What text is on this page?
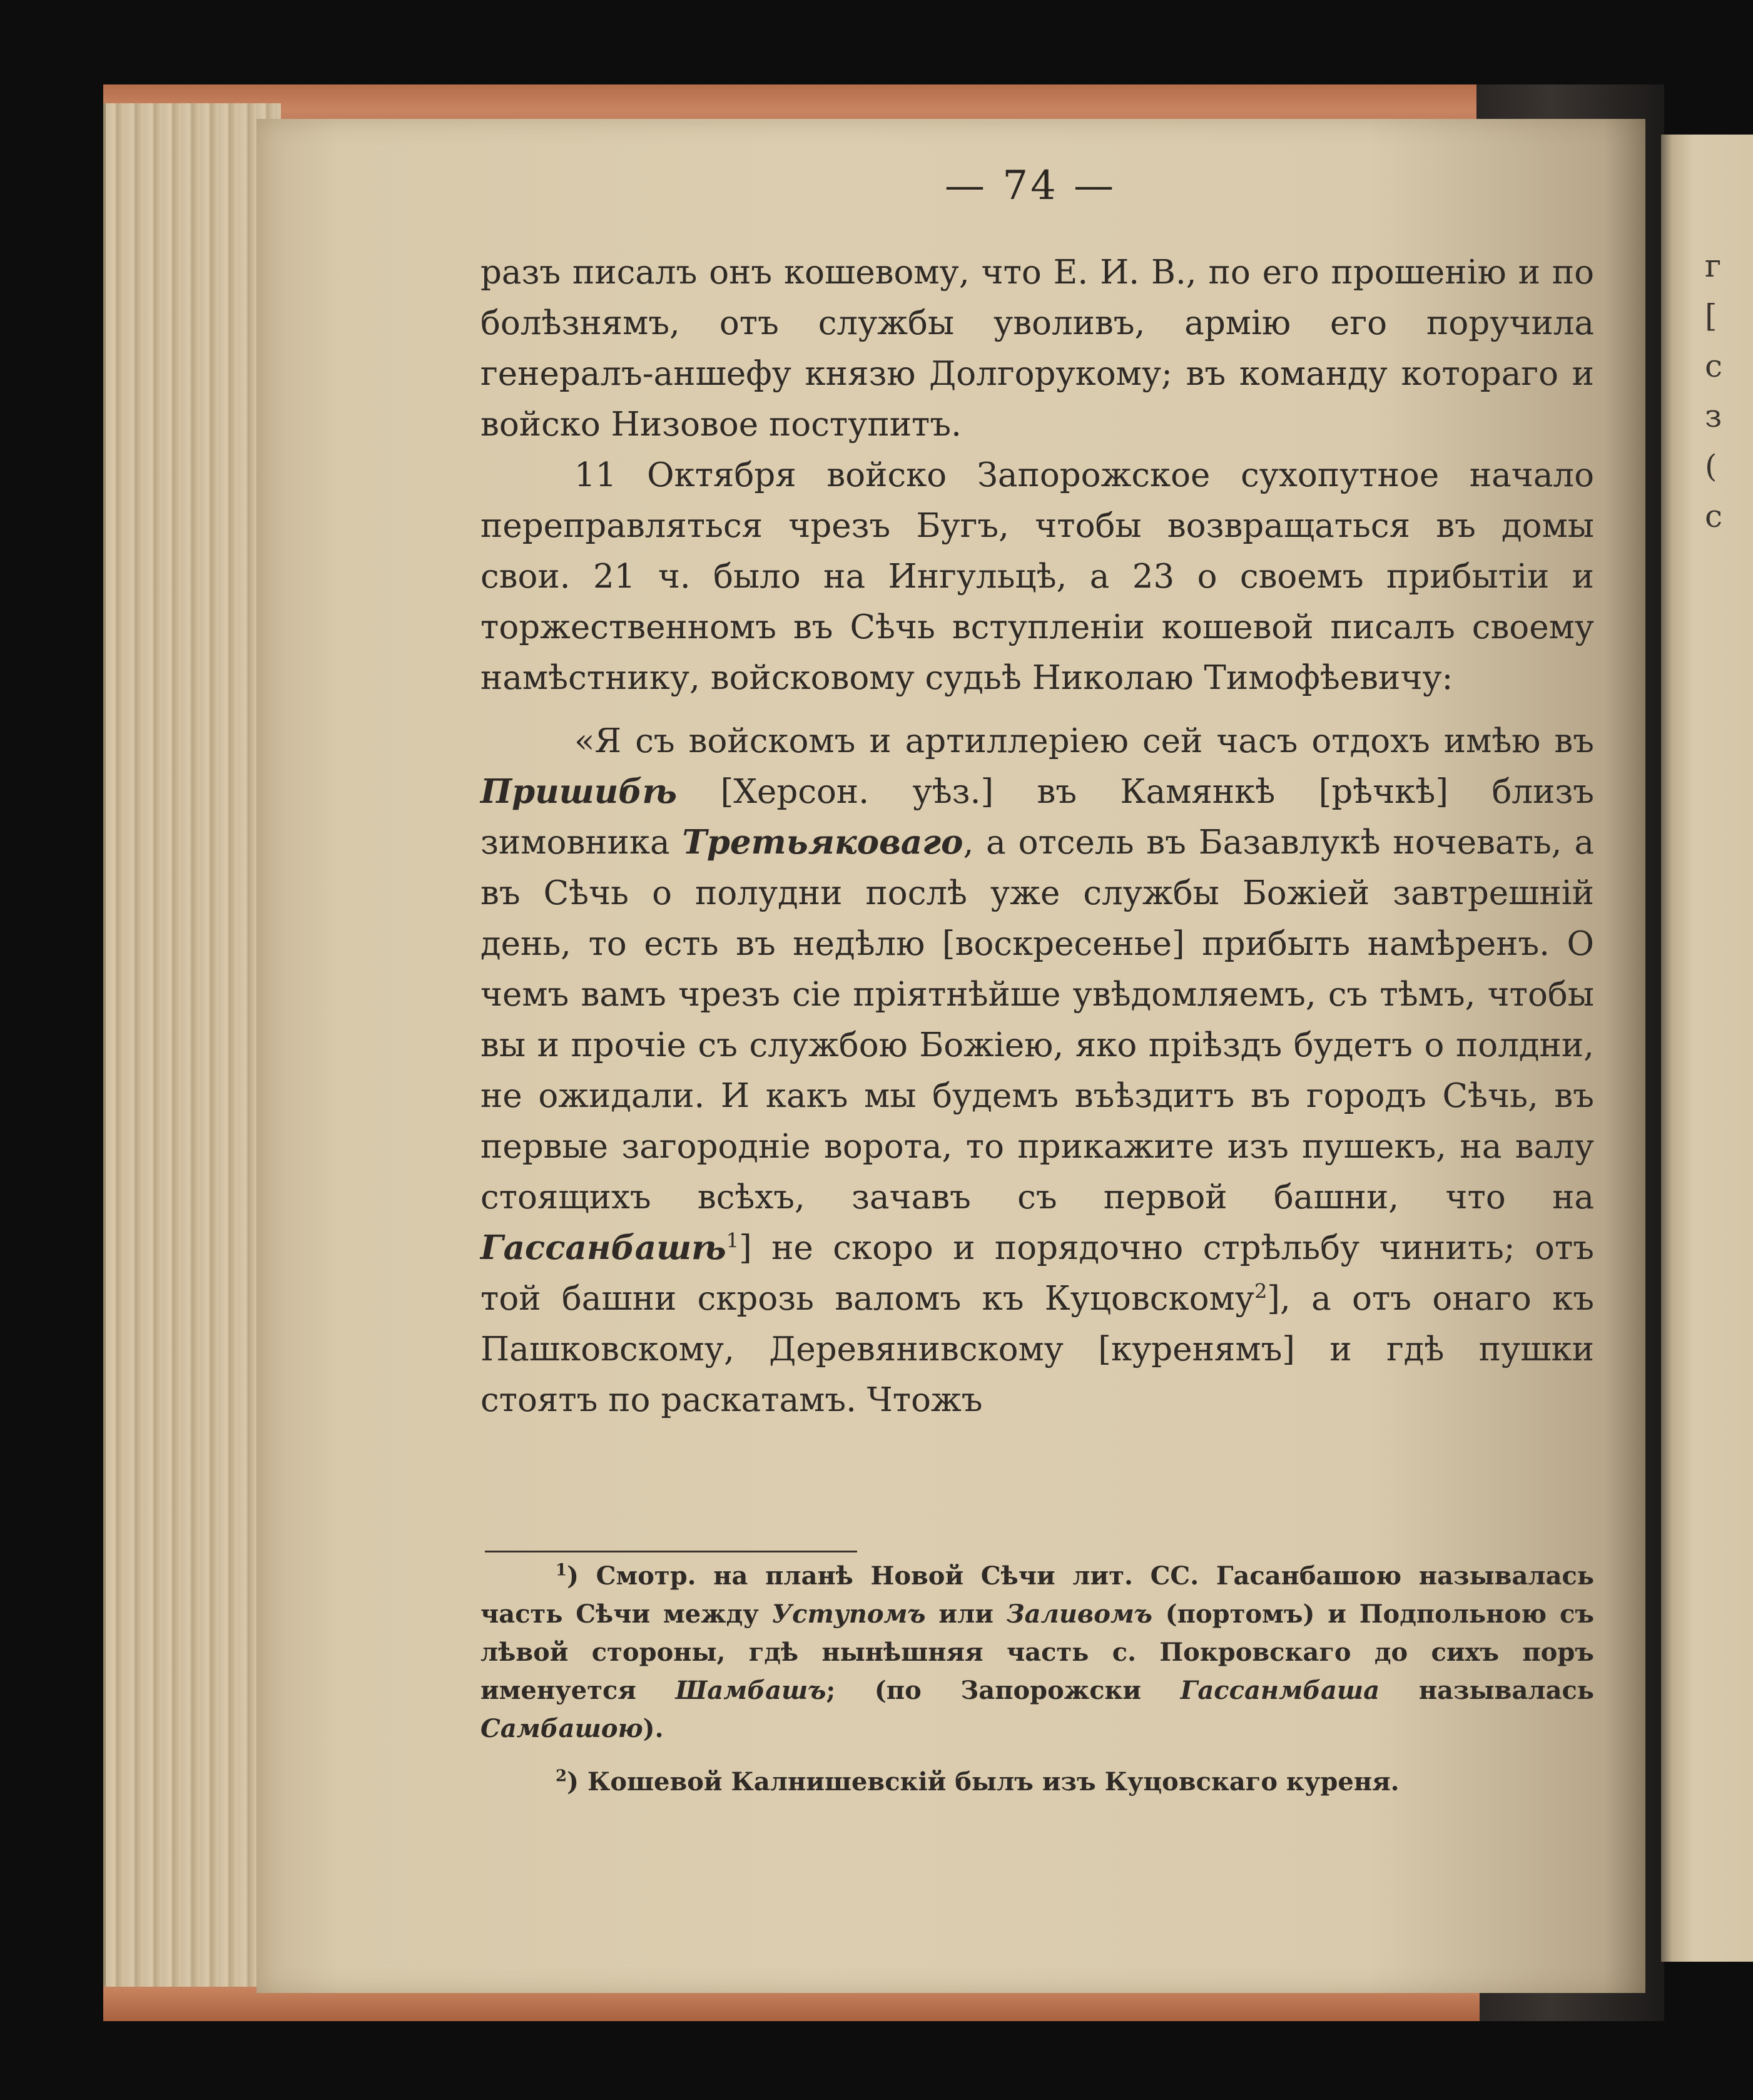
г
[
с
з
(
с
— 74 —

разъ писалъ онъ кошевому, что Е. И. В., по его прошенію и по болѣзнямъ, отъ службы уволивъ, армію его поручила генералъ-аншефу князю Долгорукому; въ команду котораго и войско Низовое поступитъ.

11 Октября войско Запорожское сухопутное начало переправляться чрезъ Бугъ, чтобы возвращаться въ домы свои. 21 ч. было на Ингульцѣ, а 23 о своемъ прибытіи и торжественномъ въ Сѣчь вступленіи кошевой писалъ своему намѣстнику, войсковому судьѣ Николаю Тимофѣевичу:

«Я съ войскомъ и артиллеріею сей часъ отдохъ имѣю въ Пришибѣ [Херсон. уѣз.] въ Камянкѣ [рѣчкѣ] близъ зимовника Третьяковаго, а отсель въ Базавлукѣ ночевать, а въ Сѣчь о полудни послѣ уже службы Божіей завтрешній день, то есть въ недѣлю [воскресенье] прибыть намѣренъ. О чемъ вамъ чрезъ сіе пріятнѣйше увѣдомляемъ, съ тѣмъ, чтобы вы и прочіе съ службою Божіею, яко пріѣздъ будетъ о полдни, не ожидали. И какъ мы будемъ въѣздитъ въ городъ Сѣчь, въ первые загородніе ворота, то прикажите изъ пушекъ, на валу стоящихъ всѣхъ, зачавъ съ первой башни, что на Гассанбашѣ$^1$] не скоро и порядочно стрѣльбу чинить; отъ той башни скрозь валомъ къ Куцовскому$^2$], а отъ онаго къ Пашковскому, Деревянивскому [куренямъ] и гдѣ пушки стоятъ по раскатамъ. Чтожъ

$^1$) Смотр. на планѣ Новой Сѣчи лит. СС. Гасанбашою называлась часть Сѣчи между Уступомъ или Заливомъ (портомъ) и Подпольною съ лѣвой стороны, гдѣ нынѣшняя часть с. Покровскаго до сихъ поръ именуется Шамбашъ; (по Запорожски Гассанмбаша называлась Самбашою).

$^2$) Кошевой Калнишевскій былъ изъ Куцовскаго куреня.
